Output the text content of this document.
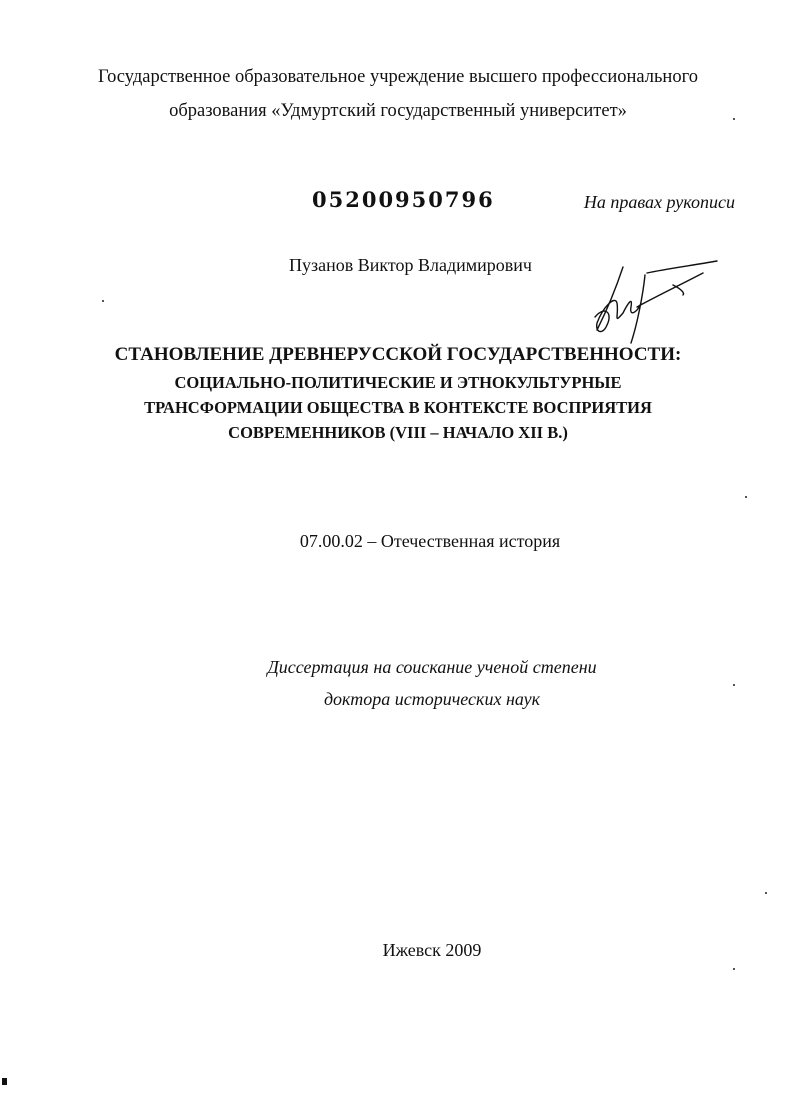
Государственное образовательное учреждение высшего профессионального
образования «Удмуртский государственный университет»
05200950796	На правах рукописи
Пузанов Виктор Владимирович
СТАНОВЛЕНИЕ ДРЕВНЕРУССКОЙ ГОСУДАРСТВЕННОСТИ:
СОЦИАЛЬНО-ПОЛИТИЧЕСКИЕ И ЭТНОКУЛЬТУРНЫЕ
ТРАНСФОРМАЦИИ ОБЩЕСТВА В КОНТЕКСТЕ ВОСПРИЯТИЯ
СОВРЕМЕННИКОВ (VIII – НАЧАЛО XII В.)
07.00.02 – Отечественная история
Диссертация на соискание ученой степени
доктора исторических наук
Ижевск 2009
